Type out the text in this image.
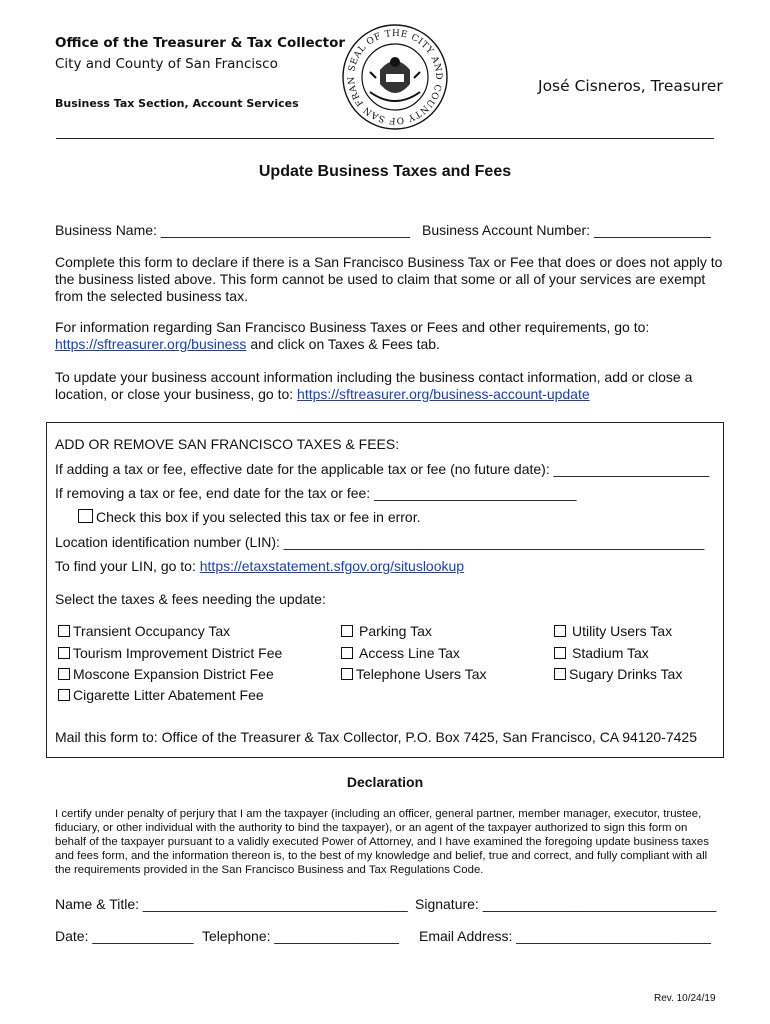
Office of the Treasurer & Tax Collector
City and County of San Francisco
Business Tax Section, Account Services
SEAL OF THE CITY AND COUNTY OF SAN FRAN	José Cisneros, Treasurer
Update Business Taxes and Fees
Business Name: ________________________________ Business Account Number: _______________
Complete this form to declare if there is a San Francisco Business Tax or Fee that does or does not apply to the business listed above. This form cannot be used to claim that some or all of your services are exempt from the selected business tax.
For information regarding San Francisco Business Taxes or Fees and other requirements, go to:
https://sftreasurer.org/business and click on Taxes & Fees tab.
To update your business account information including the business contact information, add or close a location, or close your business, go to: https://sftreasurer.org/business-account-update
ADD OR REMOVE SAN FRANCISCO TAXES & FEES:
If adding a tax or fee, effective date for the applicable tax or fee (no future date): ____________________
If removing a tax or fee, end date for the tax or fee: __________________________
Check this box if you selected this tax or fee in error.
Location identification number (LIN): ______________________________________________________
To find your LIN, go to: https://etaxstatement.sfgov.org/situslookup
Select the taxes & fees needing the update:
Transient Occupancy Tax
Tourism Improvement District Fee
Moscone Expansion District Fee
Cigarette Litter Abatement Fee
Parking Tax
Access Line Tax
Telephone Users Tax
Utility Users Tax
Stadium Tax
Sugary Drinks Tax
Mail this form to: Office of the Treasurer & Tax Collector, P.O. Box 7425, San Francisco, CA 94120-7425
Declaration
I certify under penalty of perjury that I am the taxpayer (including an officer, general partner, member manager, executor, trustee, fiduciary, or other individual with the authority to bind the taxpayer), or an agent of the taxpayer authorized to sign this form on behalf of the taxpayer pursuant to a validly executed Power of Attorney, and I have examined the foregoing update business taxes and fees form, and the information thereon is, to the best of my knowledge and belief, true and correct, and fully compliant with all the requirements provided in the San Francisco Business and Tax Regulations Code.
Name & Title: __________________________________ Signature: ______________________________
Date: _____________ Telephone: ________________ Email Address: _________________________
Rev. 10/24/19
